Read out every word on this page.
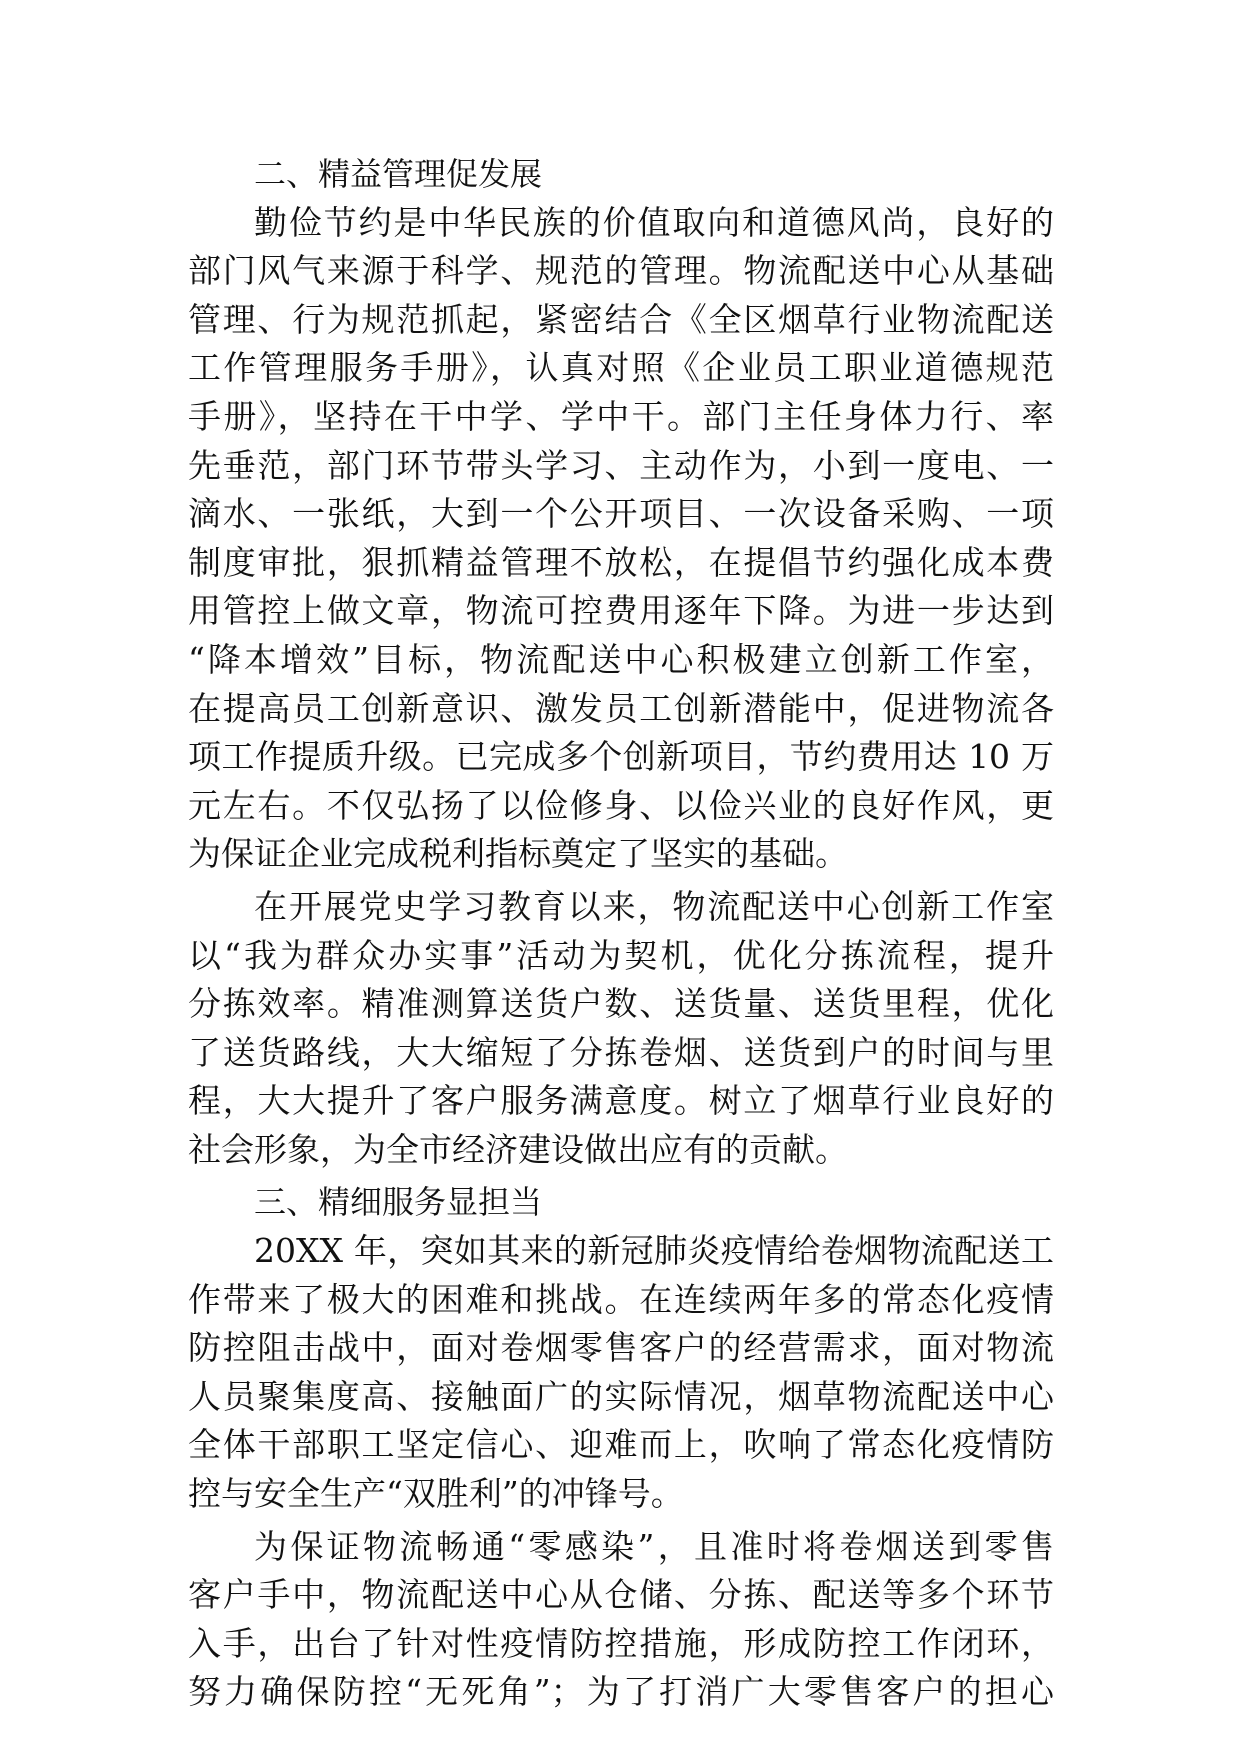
二、精益管理促发展
勤俭节约是中华民族的价值取向和道德风尚，良好的
部门风气来源于科学、规范的管理。物流配送中心从基础
管理、行为规范抓起，紧密结合《全区烟草行业物流配送
工作管理服务手册》，认真对照《企业员工职业道德规范
手册》，坚持在干中学、学中干。部门主任身体力行、率
先垂范，部门环节带头学习、主动作为，小到一度电、一
滴水、一张纸，大到一个公开项目、一次设备采购、一项
制度审批，狠抓精益管理不放松，在提倡节约强化成本费
用管控上做文章，物流可控费用逐年下降。为进一步达到
“降本增效”目标，物流配送中心积极建立创新工作室，
在提高员工创新意识、激发员工创新潜能中，促进物流各
项工作提质升级。已完成多个创新项目，节约费用达 10 万
元左右。不仅弘扬了以俭修身、以俭兴业的良好作风，更
为保证企业完成税利指标奠定了坚实的基础。
在开展党史学习教育以来，物流配送中心创新工作室
以“我为群众办实事”活动为契机，优化分拣流程，提升
分拣效率。精准测算送货户数、送货量、送货里程，优化
了送货路线，大大缩短了分拣卷烟、送货到户的时间与里
程，大大提升了客户服务满意度。树立了烟草行业良好的
社会形象，为全市经济建设做出应有的贡献。
三、精细服务显担当
20XX 年，突如其来的新冠肺炎疫情给卷烟物流配送工
作带来了极大的困难和挑战。在连续两年多的常态化疫情
防控阻击战中，面对卷烟零售客户的经营需求，面对物流
人员聚集度高、接触面广的实际情况，烟草物流配送中心
全体干部职工坚定信心、迎难而上，吹响了常态化疫情防
控与安全生产“双胜利”的冲锋号。
为保证物流畅通“零感染”，且准时将卷烟送到零售
客户手中，物流配送中心从仓储、分拣、配送等多个环节
入手，出台了针对性疫情防控措施，形成防控工作闭环，
努力确保防控“无死角”；为了打消广大零售客户的担心
